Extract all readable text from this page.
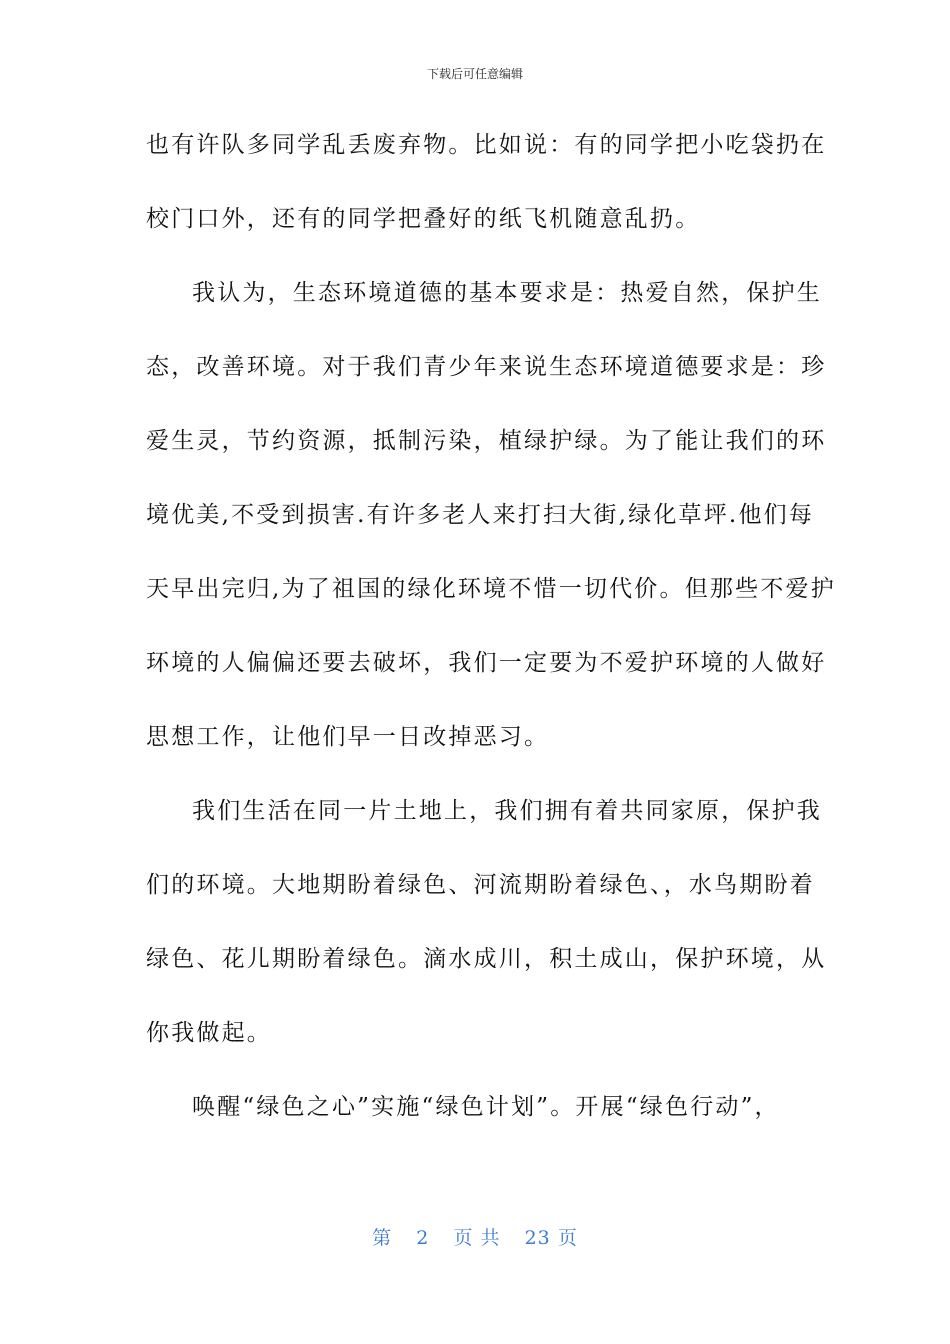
下载后可任意编辑
也有许队多同学乱丢废弃物。比如说：有的同学把小吃袋扔在
校门口外，还有的同学把叠好的纸飞机随意乱扔。
我认为，生态环境道德的基本要求是：热爱自然，保护生
态，改善环境。对于我们青少年来说生态环境道德要求是：珍
爱生灵，节约资源，抵制污染，植绿护绿。为了能让我们的环
境优美,不受到损害.有许多老人来打扫大街,绿化草坪.他们每
天早出完归,为了祖国的绿化环境不惜一切代价。但那些不爱护
环境的人偏偏还要去破坏，我们一定要为不爱护环境的人做好
思想工作，让他们早一日改掉恶习。
我们生活在同一片土地上，我们拥有着共同家原，保护我
们的环境。大地期盼着绿色、河流期盼着绿色、，水鸟期盼着
绿色、花儿期盼着绿色。滴水成川，积土成山，保护环境，从
你我做起。
唤醒“绿色之心”实施“绿色计划”。开展“绿色行动”，
第 2 页 共 23 页
